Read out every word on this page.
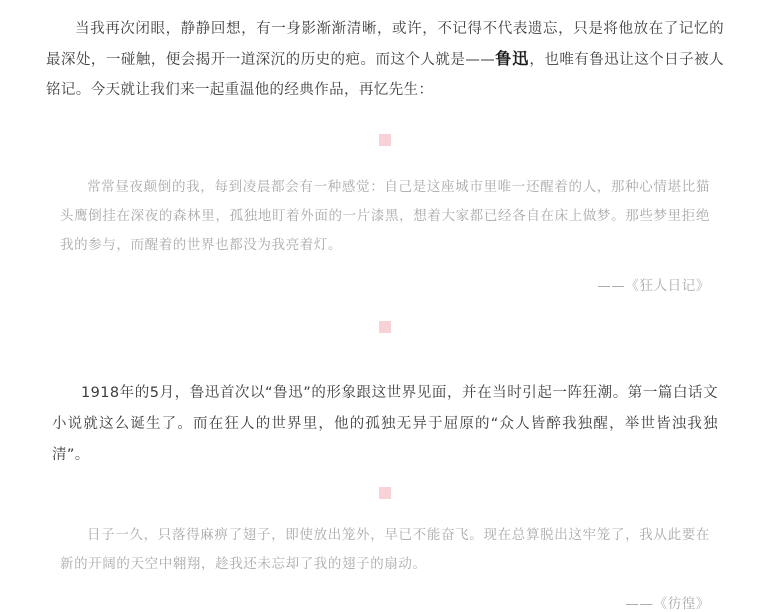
当我再次闭眼，静静回想，有一身影渐渐清晰，或许，不记得不代表遗忘，只是将他放在了记忆的最深处，一碰触，便会揭开一道深沉的历史的疤。而这个人就是——鲁迅，也唯有鲁迅让这个日子被人铭记。今天就让我们来一起重温他的经典作品，再忆先生：

常常昼夜颠倒的我，每到凌晨都会有一种感觉：自己是这座城市里唯一还醒着的人，那种心情堪比猫头鹰倒挂在深夜的森林里，孤独地盯着外面的一片漆黑，想着大家都已经各自在床上做梦。那些梦里拒绝我的参与，而醒着的世界也都没为我亮着灯。

——《狂人日记》

1918年的5月，鲁迅首次以“鲁迅”的形象跟这世界见面，并在当时引起一阵狂潮。第一篇白话文小说就这么诞生了。而在狂人的世界里，他的孤独无异于屈原的“众人皆醉我独醒，举世皆浊我独清”。

日子一久，只落得麻痹了翅子，即使放出笼外，早已不能奋飞。现在总算脱出这牢笼了，我从此要在新的开阔的天空中翱翔，趁我还未忘却了我的翅子的扇动。

——《彷徨》
